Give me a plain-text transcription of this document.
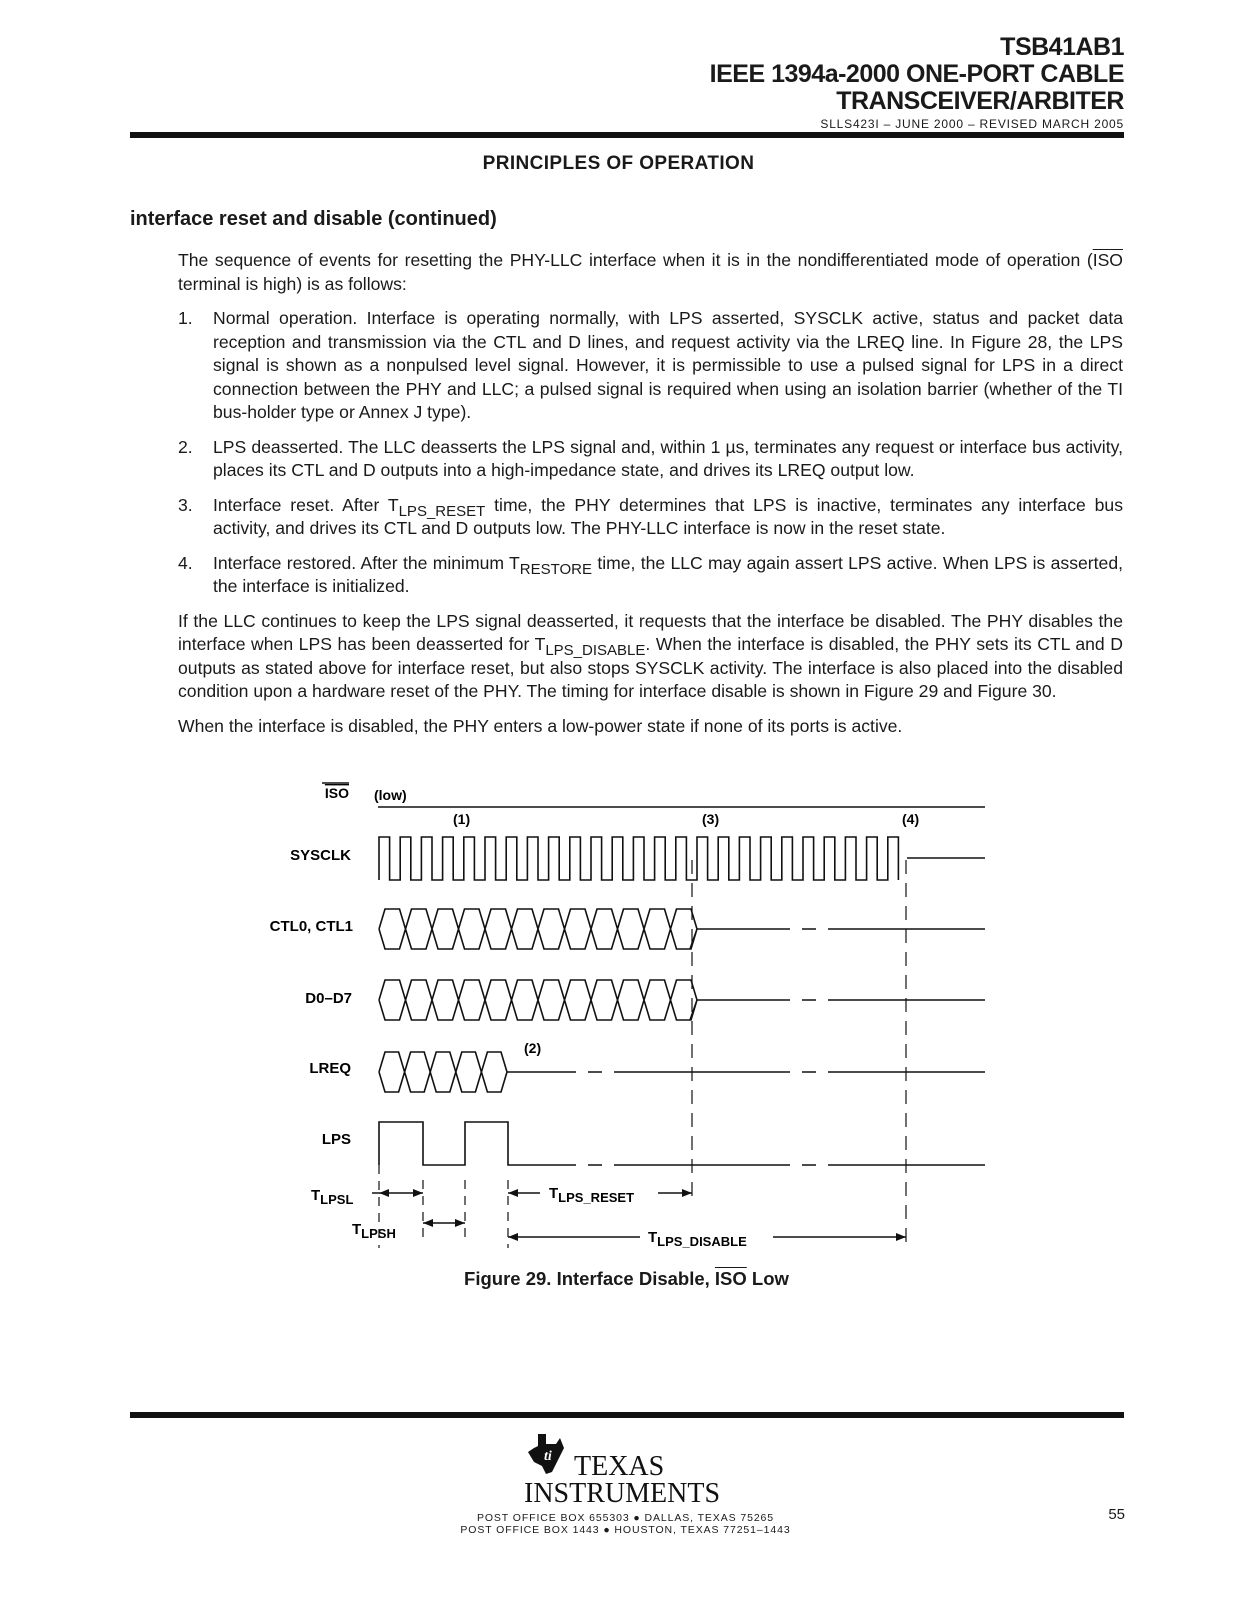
TSB41AB1
IEEE 1394a-2000 ONE-PORT CABLE
TRANSCEIVER/ARBITER
SLLS423I – JUNE 2000 – REVISED MARCH 2005
PRINCIPLES OF OPERATION
interface reset and disable (continued)

The sequence of events for resetting the PHY-LLC interface when it is in the nondifferentiated mode of operation ($\overline{ISO}$ terminal is high) is as follows:

1. Normal operation. Interface is operating normally, with LPS asserted, SYSCLK active, status and packet data reception and transmission via the CTL and D lines, and request activity via the LREQ line. In Figure 28, the LPS signal is shown as a nonpulsed level signal. However, it is permissible to use a pulsed signal for LPS in a direct connection between the PHY and LLC; a pulsed signal is required when using an isolation barrier (whether of the TI bus-holder type or Annex J type).
2. LPS deasserted. The LLC deasserts the LPS signal and, within 1 µs, terminates any request or interface bus activity, places its CTL and D outputs into a high-impedance state, and drives its LREQ output low.
3. Interface reset. After $T_{LPS\_RESET}$ time, the PHY determines that LPS is inactive, terminates any interface bus activity, and drives its CTL and D outputs low. The PHY-LLC interface is now in the reset state.
4. Interface restored. After the minimum $T_{RESTORE}$ time, the LLC may again assert LPS active. When LPS is asserted, the interface is initialized.

If the LLC continues to keep the LPS signal deasserted, it requests that the interface be disabled. The PHY disables the interface when LPS has been deasserted for $T_{LPS\_DISABLE}$. When the interface is disabled, the PHY sets its CTL and D outputs as stated above for interface reset, but also stops SYSCLK activity. The interface is also placed into the disabled condition upon a hardware reset of the PHY. The timing for interface disable is shown in Figure 29 and Figure 30.

When the interface is disabled, the PHY enters a low-power state if none of its ports is active.

ISO (low)
SYSCLK
CTL0, CTL1
D0–D7
LREQ
LPS
(1)
(2)
(3)	(4)
TLPSL
TLPSH
TLPS_RESET
TLPS_DISABLE
Figure 29. Interface Disable, $\overline{ISO}$ Low
ti TEXAS
INSTRUMENTS
POST OFFICE BOX 655303 ● DALLAS, TEXAS 75265
POST OFFICE BOX 1443 ● HOUSTON, TEXAS 77251–1443
55
